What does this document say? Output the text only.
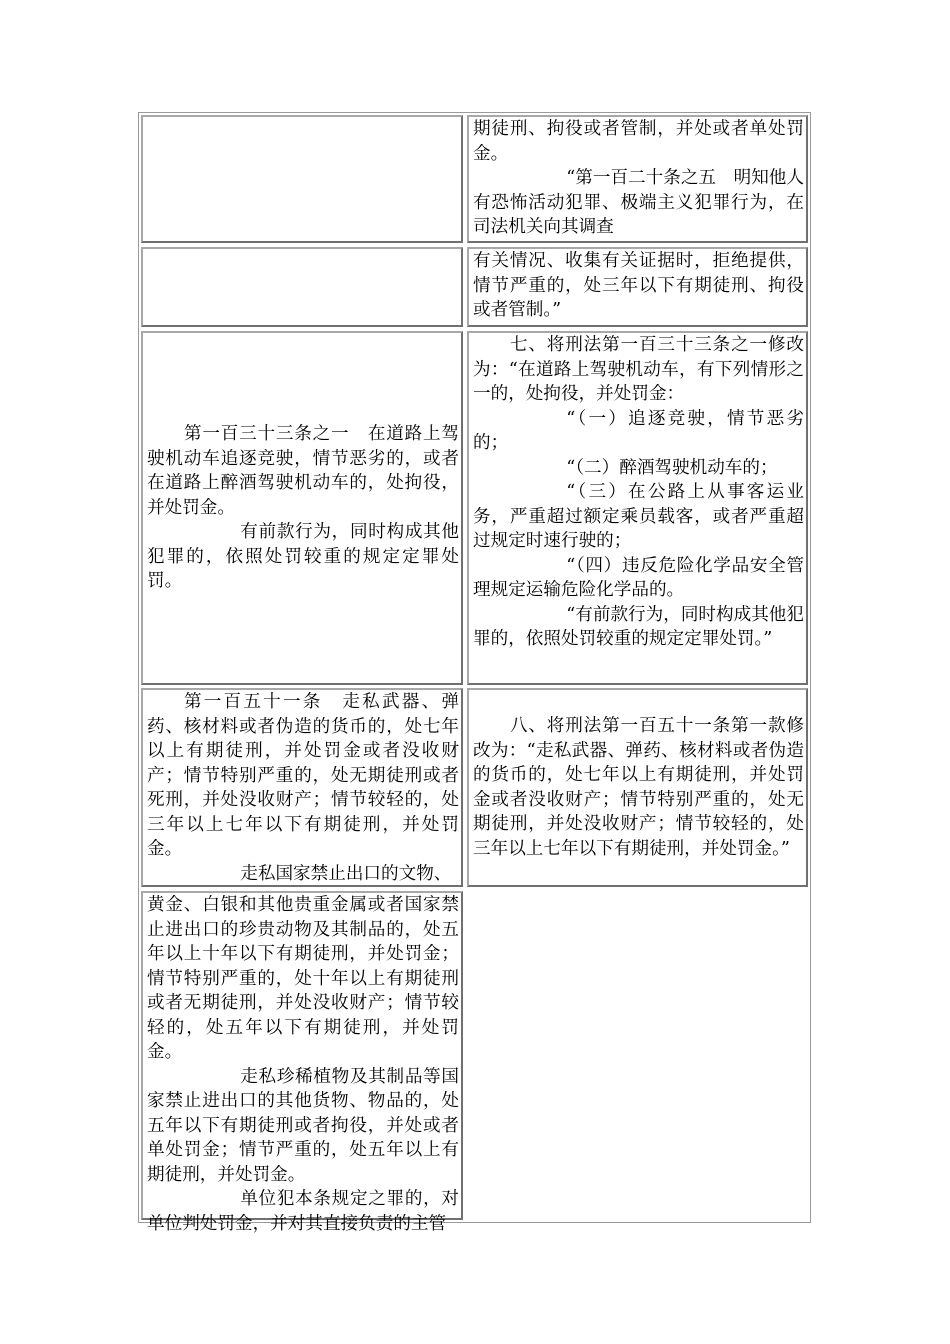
期徒刑、拘役或者管制，并处或者单处罚金。

“第一百二十条之五　明知他人有恐怖活动犯罪、极端主义犯罪行为，在司法机关向其调查

有关情况、收集有关证据时，拒绝提供，情节严重的，处三年以下有期徒刑、拘役或者管制。”

第一百三十三条之一　在道路上驾驶机动车追逐竞驶，情节恶劣的，或者在道路上醉酒驾驶机动车的，处拘役，并处罚金。

有前款行为，同时构成其他犯罪的，依照处罚较重的规定定罪处罚。

七、将刑法第一百三十三条之一修改为：“在道路上驾驶机动车，有下列情形之一的，处拘役，并处罚金：

“（一）追逐竞驶，情节恶劣的；

“（二）醉酒驾驶机动车的；

“（三）在公路上从事客运业务，严重超过额定乘员载客，或者严重超过规定时速行驶的；

“（四）违反危险化学品安全管理规定运输危险化学品的。

“有前款行为，同时构成其他犯罪的，依照处罚较重的规定定罪处罚。”

第一百五十一条　走私武器、弹药、核材料或者伪造的货币的，处七年以上有期徒刑，并处罚金或者没收财产；情节特别严重的，处无期徒刑或者死刑，并处没收财产；情节较轻的，处三年以上七年以下有期徒刑，并处罚金。

走私国家禁止出口的文物、

八、将刑法第一百五十一条第一款修改为：“走私武器、弹药、核材料或者伪造的货币的，处七年以上有期徒刑，并处罚金或者没收财产；情节特别严重的，处无期徒刑，并处没收财产；情节较轻的，处三年以上七年以下有期徒刑，并处罚金。”

黄金、白银和其他贵重金属或者国家禁止进出口的珍贵动物及其制品的，处五年以上十年以下有期徒刑，并处罚金；情节特别严重的，处十年以上有期徒刑或者无期徒刑，并处没收财产；情节较轻的，处五年以下有期徒刑，并处罚金。

走私珍稀植物及其制品等国家禁止进出口的其他货物、物品的，处五年以下有期徒刑或者拘役，并处或者单处罚金；情节严重的，处五年以上有期徒刑，并处罚金。

单位犯本条规定之罪的，对单位判处罚金，并对其直接负责的主管
